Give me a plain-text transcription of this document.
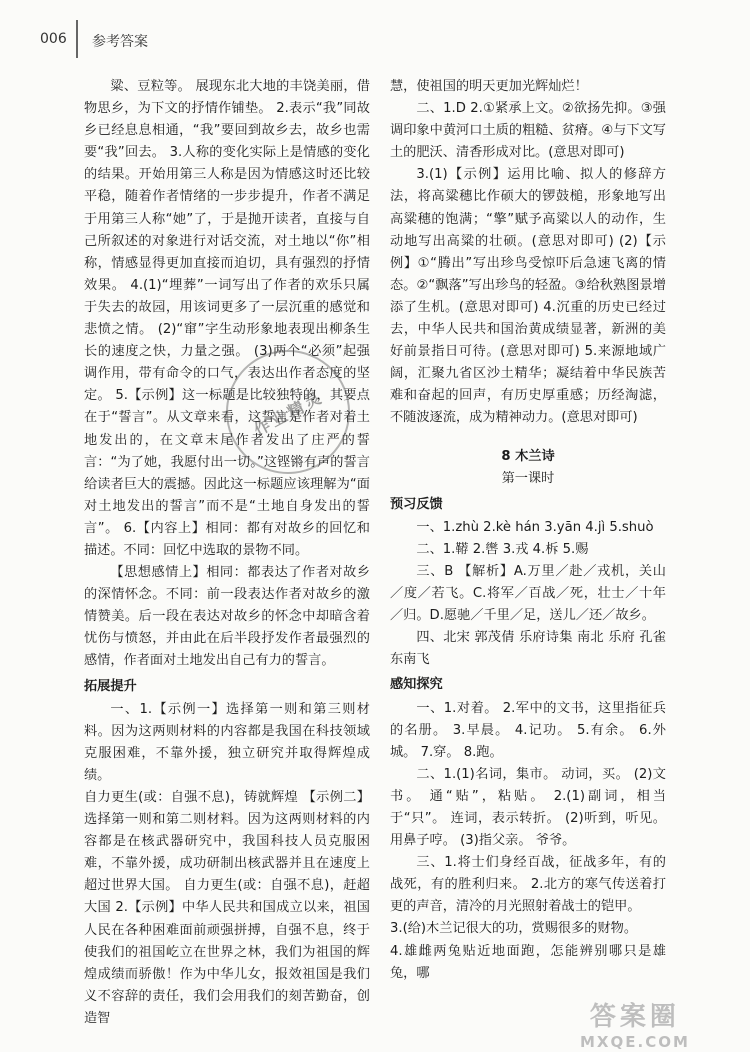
006 参考答案

粱、豆粒等。 展现东北大地的丰饶美丽，借物思乡，为下文的抒情作铺垫。 2.表示“我”同故乡已经息息相通，“我”要回到故乡去，故乡也需要“我”回去。 3.人称的变化实际上是情感的变化的结果。开始用第三人称是因为情感这时还比较平稳，随着作者情绪的一步步提升，作者不满足于用第三人称“她”了，于是抛开读者，直接与自己所叙述的对象进行对话交流，对土地以“你”相称，情感显得更加直接而迫切，具有强烈的抒情效果。 4.(1)“埋葬”一词写出了作者的欢乐只属于失去的故园，用该词更多了一层沉重的感觉和悲愤之情。 (2)“窜”字生动形象地表现出柳条生长的速度之快，力量之强。 (3)两个“必须”起强调作用，带有命令的口气，表达出作者态度的坚定。 5.【示例】这一标题是比较独特的，其要点在于“誓言”。从文章来看，这誓言是作者对着土地发出的，在文章末尾作者发出了庄严的誓言：“为了她，我愿付出一切。”这铿锵有声的誓言给读者巨大的震撼。因此这一标题应该理解为“面对土地发出的誓言”而不是“土地自身发出的誓言”。 6.【内容上】相同：都有对故乡的回忆和描述。不同：回忆中选取的景物不同。

【思想感情上】相同：都表达了作者对故乡的深情怀念。不同：前一段表达作者对故乡的激情赞美。后一段在表达对故乡的怀念中却暗含着忧伤与愤怒，并由此在后半段抒发作者最强烈的感情，作者面对土地发出自己有力的誓言。

拓展提升

一、1.【示例一】选择第一则和第三则材料。因为这两则材料的内容都是我国在科技领域克服困难，不靠外援，独立研究并取得辉煌成绩。

自力更生(或：自强不息)，铸就辉煌 【示例二】选择第一则和第二则材料。因为这两则材料的内容都是在核武器研究中，我国科技人员克服困难，不靠外援，成功研制出核武器并且在速度上超过世界大国。 自力更生(或：自强不息)，赶超大国 2.【示例】中华人民共和国成立以来，祖国人民在各种困难面前顽强拼搏，自强不息，终于使我们的祖国屹立在世界之林，我们为祖国的辉煌成绩而骄傲！作为中华儿女，报效祖国是我们义不容辞的责任，我们会用我们的刻苦勤奋，创造智

慧，使祖国的明天更加光辉灿烂！

二、1.D 2.①紧承上文。②欲扬先抑。③强调印象中黄河口土质的粗糙、贫瘠。④与下文写土的肥沃、清香形成对比。(意思对即可)

3.(1)【示例】运用比喻、拟人的修辞方法，将高粱穗比作硕大的锣鼓槌，形象地写出高粱穗的饱满；“擎”赋予高粱以人的动作，生动地写出高粱的壮硕。(意思对即可) (2)【示例】①“腾出”写出珍鸟受惊吓后急速飞离的情态。②“飘落”写出珍鸟的轻盈。③给秋熟图景增添了生机。(意思对即可) 4.沉重的历史已经过去，中华人民共和国治黄成绩显著，新洲的美好前景指日可待。(意思对即可) 5.来源地域广阔，汇聚九省区沙土精华；凝结着中华民族苦难和奋起的回声，有历史厚重感；历经淘滤，不随波逐流，成为精神动力。(意思对即可)

8 木兰诗

第一课时

预习反馈

一、1.zhù 2.kè hán 3.yān 4.jì 5.shuò

二、1.鞯 2.辔 3.戎 4.柝 5.赐

三、B 【解析】A.万里／赴／戎机，关山／度／若飞。C.将军／百战／死，壮士／十年／归。D.愿驰／千里／足，送儿／还／故乡。

四、北宋 郭茂倩 乐府诗集 南北 乐府 孔雀东南飞

感知探究

一、1.对着。 2.军中的文书，这里指征兵的名册。 3.早晨。 4.记功。 5.有余。 6.外城。 7.穿。 8.跑。

二、1.(1)名词，集市。 动词，买。 (2)文书。 通“贴”，粘贴。 2.(1)副词，相当于“只”。 连词，表示转折。 (2)听到，听见。用鼻子哼。 (3)指父亲。 爷爷。

三、1.将士们身经百战，征战多年，有的战死，有的胜利归来。 2.北方的寒气传送着打更的声音，清冷的月光照射着战士的铠甲。

3.(给)木兰记很大的功，赏赐很多的财物。

4.雄雌两兔贴近地面跑，怎能辨别哪只是雄兔，哪

作业精灵
答案圈
MXQE.COM
